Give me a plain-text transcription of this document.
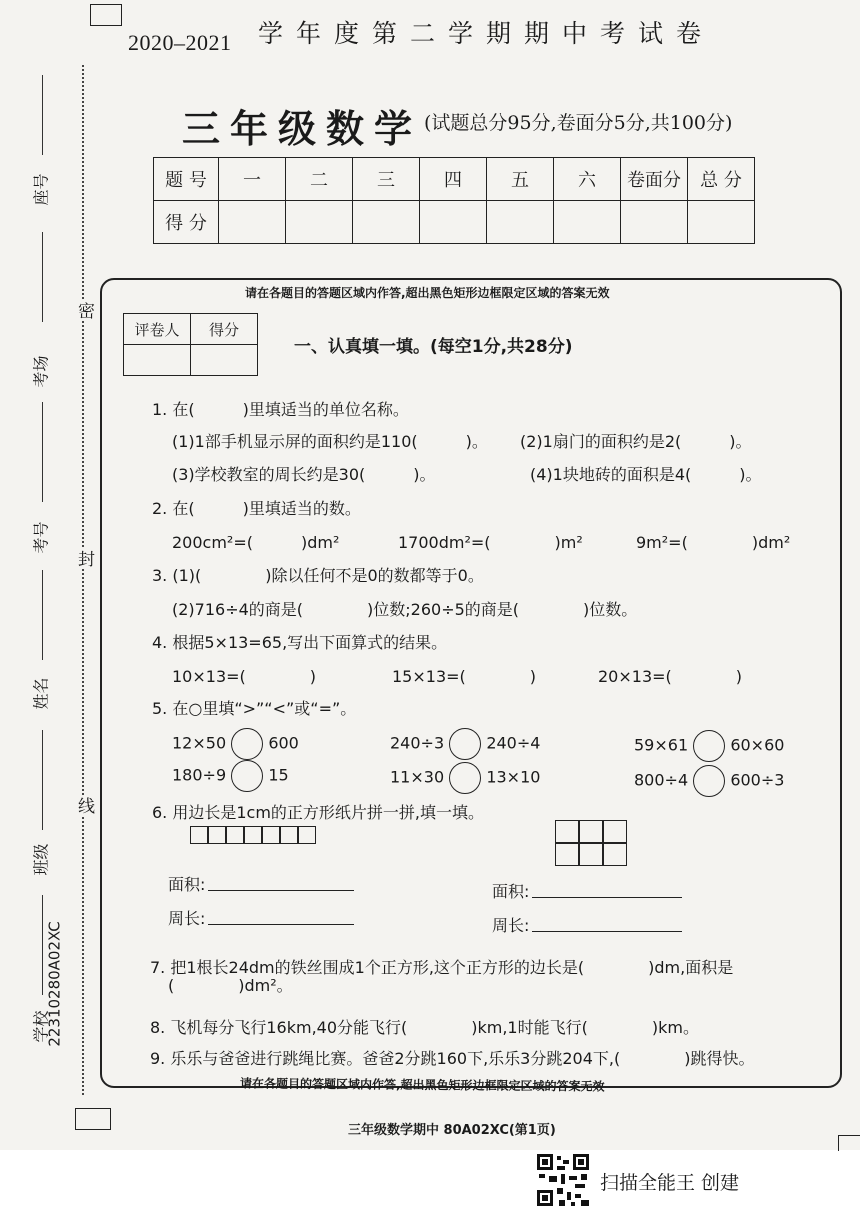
2020–2021 学年度第二学期期中考试卷
三年级数学 (试题总分95分,卷面分5分,共100分)
题 号	一	二	三	四	五	六	卷面分	总 分
得 分								
座号
考场
考号
姓名
班级
学校
22310280A02XC
密
封
线
请在各题目的答题区域内作答,超出黑色矩形边框限定区域的答案无效
评卷人	得分

一、认真填一填。(每空1分,共28分)
1. 在(　　　)里填适当的单位名称。
(1)1部手机显示屏的面积约是110(　　　)。 (2)1扇门的面积约是2(　　　)。
(3)学校教室的周长约是30(　　　)。	(4)1块地砖的面积是4(　　　)。
2. 在(　　　)里填适当的数。
200cm²=(　　　)dm²	1700dm²=(　　　　)m²	9m²=(　　　　)dm²
3. (1)(　　　　)除以任何不是0的数都等于0。
(2)716÷4的商是(　　　　)位数;260÷5的商是(　　　　)位数。
4. 根据5×13=65,写出下面算式的结果。
10×13=(　　　　)	15×13=(　　　　)	20×13=(　　　　)
5. 在○里填“>”“<”或“=”。
12×50	600	240÷3	240÷4	59×61	60×60
180÷9	15	11×30	13×10	800÷4	600÷3
6. 用边长是1cm的正方形纸片拼一拼,填一填。
面积:	面积:
周长:	周长:
7. 把1根长24dm的铁丝围成1个正方形,这个正方形的边长是(　　　　)dm,面积是
(　　　　)dm²。
8. 飞机每分飞行16km,40分能飞行(　　　　)km,1时能飞行(　　　　)km。
9. 乐乐与爸爸进行跳绳比赛。爸爸2分跳160下,乐乐3分跳204下,(　　　　)跳得快。
请在各题目的答题区域内作答,超出黑色矩形边框限定区域的答案无效
三年级数学期中 80A02XC(第1页)
扫描全能王 创建
